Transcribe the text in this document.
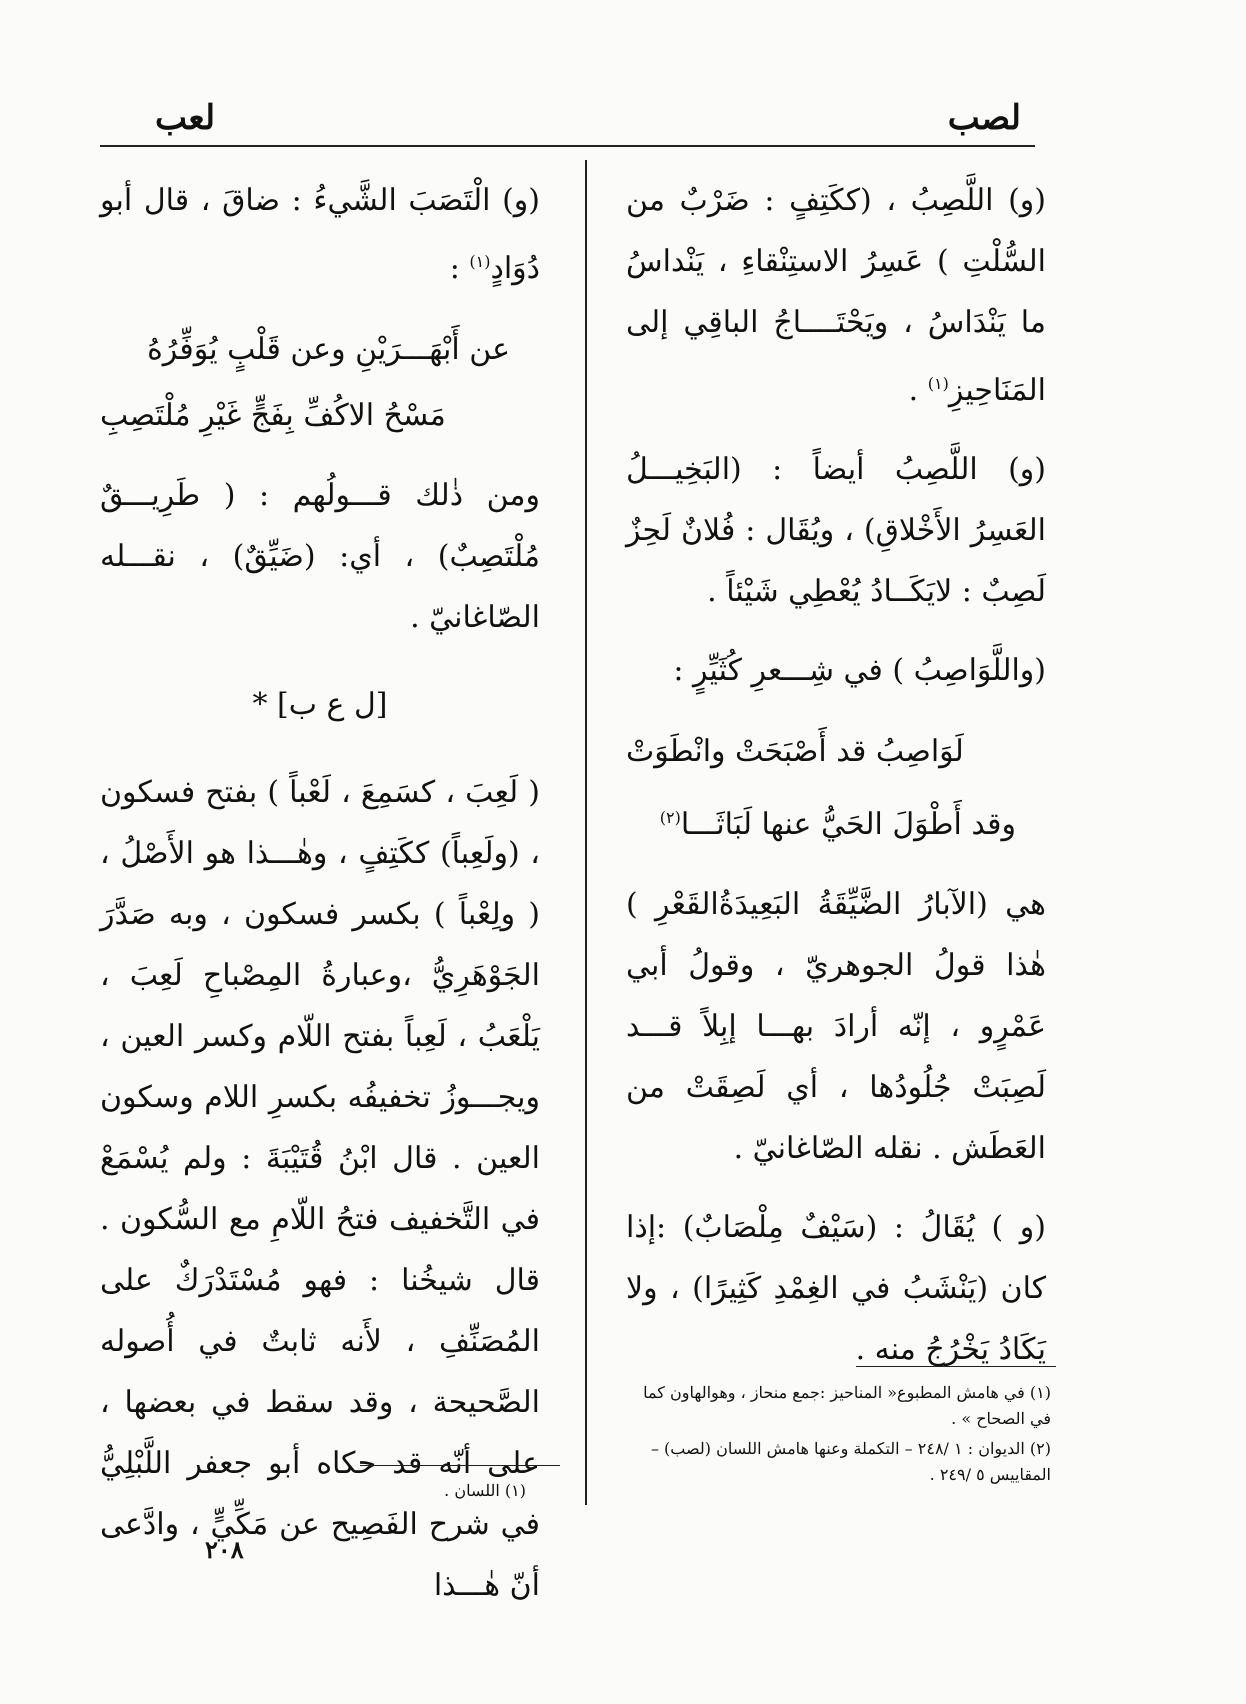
لصب
لعب

(و) اللَّصِبُ ، (ككَتِفٍ : ضَرْبٌ من السُّلْتِ ) عَسِرُ الاستِنْقاءِ ، يَنْداسُ ما يَنْدَاسُ ، ويَحْتَــــاجُ الباقِي إلى المَنَاحِيزِ$^{(١)}$ .

(و) اللَّصِبُ أيضاً : (البَخِيـــلُ العَسِرُ الأَخْلاقِ) ، ويُقَال : فُلانٌ لَحِزٌ لَصِبٌ : لايَكَــادُ يُعْطِي شَيْئاً .

(واللَّوَاصِبُ ) في شِـــعرِ كُثَيِّرٍ :

لَوَاصِبُ قد أَصْبَحَتْ وانْطَوَتْ
وقد أَطْوَلَ الحَيُّ عنها لَبَاثَـــا$^{(٢)}$

هي (الآبارُ الضَّيِّقَةُ البَعِيدَةُالقَعْرِ ) هٰذا قولُ الجوهريّ ، وقولُ أبي عَمْرٍو ، إنّه أرادَ بهـــا إبِلاً قـــد لَصِبَتْ جُلُودُها ، أي لَصِقَتْ من العَطَش . نقله الصّاغانيّ .

(و ) يُقَالُ : (سَيْفٌ مِلْصَابٌ) :إذا كان (يَنْشَبُ في الغِمْدِ كَثِيرًا) ، ولا يَكَادُ يَخْرُجُ منه .

(و) الْتَصَبَ الشَّيءُ : ضاقَ ، قال أبو دُوَادٍ$^{(١)}$ :

عن أَبْهَـــرَيْنِ وعن قَلْبٍ يُوَفِّرُهُ
مَسْحُ الاكُفِّ بِفَجٍّ غَيْرِ مُلْتَصِبِ

ومن ذٰلك قـــولُهم : ( طَرِيـــقٌ مُلْتَصِبٌ) ، أي: (ضَيِّقٌ) ، نقـــله الصّاغانيّ .

[ل ع ب] *

( لَعِبَ ، كسَمِعَ ، لَعْباً ) بفتح فسكون ، (ولَعِباً) ككَتِفٍ ، وهٰـــذا هو الأَصْلُ ، ( ولِعْباً ) بكسر فسكون ، وبه صَدَّرَ الجَوْهَرِيُّ ،وعبارةُ المِصْباحِ لَعِبَ ، يَلْعَبُ ، لَعِباً بفتح اللّام وكسر العين ، ويجـــوزُ تخفيفُه بكسرِ اللام وسكون العين . قال ابْنُ قُتَيْبَةَ : ولم يُسْمَعْ في التَّخفيف فتحُ اللّامِ مع السُّكون . قال شيخُنا : فهو مُسْتَدْرَكٌ على المُصَنِّفِ ، لأَنه ثابتٌ في أُصوله الصَّحيحة ، وقد سقط في بعضها ، على أنّه قد حكاه أبو جعفر اللَّبْلِيُّ في شرح الفَصِيح عن مَكِّيٍّ ، وادَّعى أنّ هٰـــذا

(١) في هامش المطبوع« المناحيز :جمع منحاز ، وهوالهاون كما في الصحاح » .

(٢) الديوان : ١ /٢٤٨ – التكملة وعنها هامش اللسان (لصب) – المقاييس ٥ /٢٤٩ .

(١) اللسان .

٢٠٨
